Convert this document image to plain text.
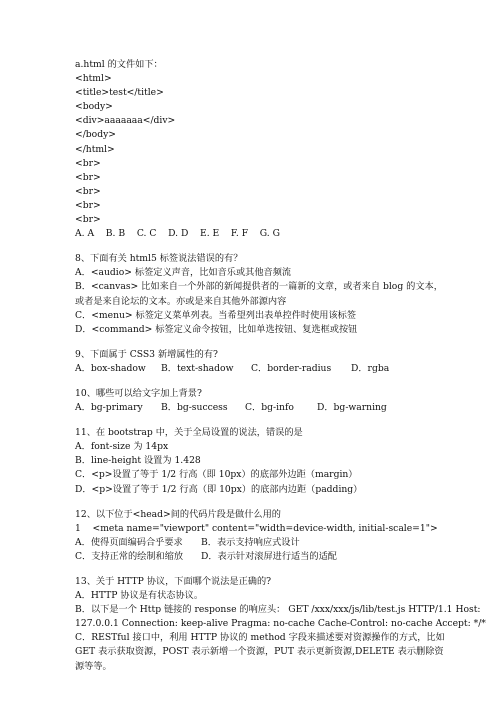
a.html 的文件如下：
<html>
<title>test</title>
<body>
<div>aaaaaaa</div>
</body>
</html>
<br>
<br>
<br>
<br>
<br>
A. A    B. B    C. C    D. D    E. E    F. F    G. G
8、下面有关 html5 标签说法错误的有？
A．<audio> 标签定义声音，比如音乐或其他音频流
B．<canvas> 比如来自一个外部的新闻提供者的一篇新的文章，或者来自 blog 的文本，
或者是来自论坛的文本。亦或是来自其他外部源内容
C．<menu> 标签定义菜单列表。当希望列出表单控件时使用该标签
D．<command> 标签定义命令按钮，比如单选按钮、复选框或按钮
9、下面属于 CSS3 新增属性的有?
A．box-shadow B．text-shadow C．border-radius D．rgba
10、哪些可以给文字加上背景?
A．bg-primary B．bg-success C．bg-info	D．bg-warning
11、在 bootstrap 中，关于全局设置的说法，错误的是
A．font-size 为 14px
B．line-height 设置为 1.428
C．<p>设置了等于 1/2 行高（即 10px）的底部外边距（margin）
D．<p>设置了等于 1/2 行高（即 10px）的底部内边距（padding）
12、以下位于<head>间的代码片段是做什么用的
1    <meta name="viewport" content="width=device-width, initial-scale=1">
A．使得页面编码合乎要求 B．表示支持响应式设计
C．支持正常的绘制和缩放 D．表示针对滚屏进行适当的适配
13、关于 HTTP 协议，下面哪个说法是正确的?
A．HTTP 协议是有状态协议。
B．以下是一个 Http 链接的 response 的响应头： GET /xxx/xxx/js/lib/test.js HTTP/1.1 Host:
127.0.0.1 Connection: keep-alive Pragma: no-cache Cache-Control: no-cache Accept: */*
C．RESTful 接口中，利用 HTTP 协议的 method 字段来描述要对资源操作的方式，比如
GET 表示获取资源，POST 表示新增一个资源，PUT 表示更新资源,DELETE 表示删除资
源等等。
